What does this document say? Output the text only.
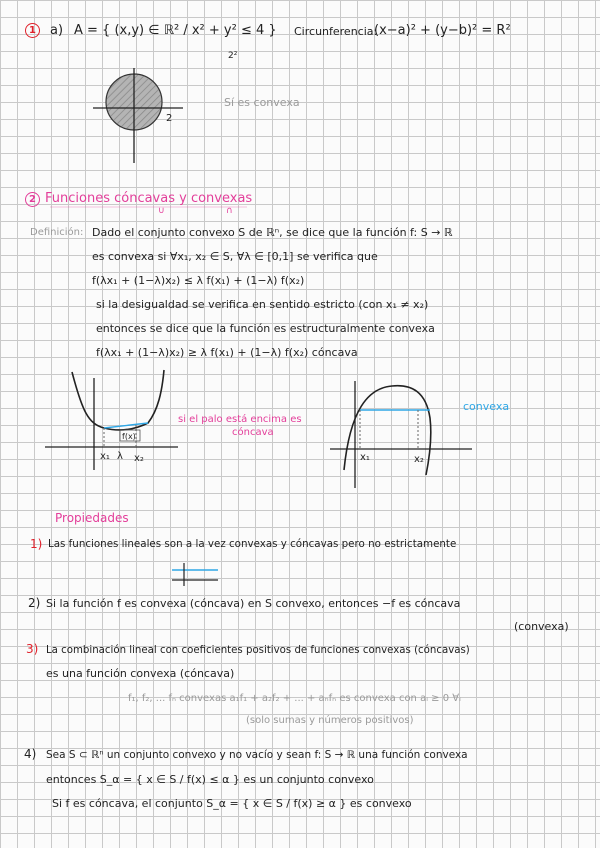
1	a) A = { (x,y) ∈ ℝ² / x² + y² ≤ 4 }
2²
Circunferencia:
(x−a)² + (y−b)² = R²
Sí es convexa
2
2 Funciones cóncavas y convexas
∪	∩
Definición: Dado el conjunto convexo S de ℝⁿ, se dice que la función f: S → ℝ
es convexa si ∀x₁, x₂ ∈ S, ∀λ ∈ [0,1] se verifica que
f(λx₁ + (1−λ)x₂) ≤ λ f(x₁) + (1−λ) f(x₂)
si la desigualdad se verifica en sentido estricto (con x₁ ≠ x₂)
entonces se dice que la función es estructuralmente convexa
f(λx₁ + (1−λ)x₂) ≥ λ f(x₁) + (1−λ) f(x₂) cóncava
si el palo está encima es
cóncava
f(x)
x₁ λ x₂
convexa
x₁	x₂
Propiedades
1) Las funciones lineales son a la vez convexas y cóncavas pero no estrictamente
2) Si la función f es convexa (cóncava) en S convexo, entonces −f es cóncava
(convexa)
3) La combinación lineal con coeficientes positivos de funciones convexas (cóncavas)
es una función convexa (cóncava)
f₁, f₂, ... fₙ convexas a₁f₁ + a₂f₂ + ... + aₙfₙ es convexa con aᵢ ≥ 0 ∀ᵢ
(solo sumas y números positivos)
4) Sea S ⊂ ℝⁿ un conjunto convexo y no vacío y sean f: S → ℝ una función convexa
entonces S_α = { x ∈ S / f(x) ≤ α } es un conjunto convexo
Si f es cóncava, el conjunto S_α = { x ∈ S / f(x) ≥ α } es convexo
